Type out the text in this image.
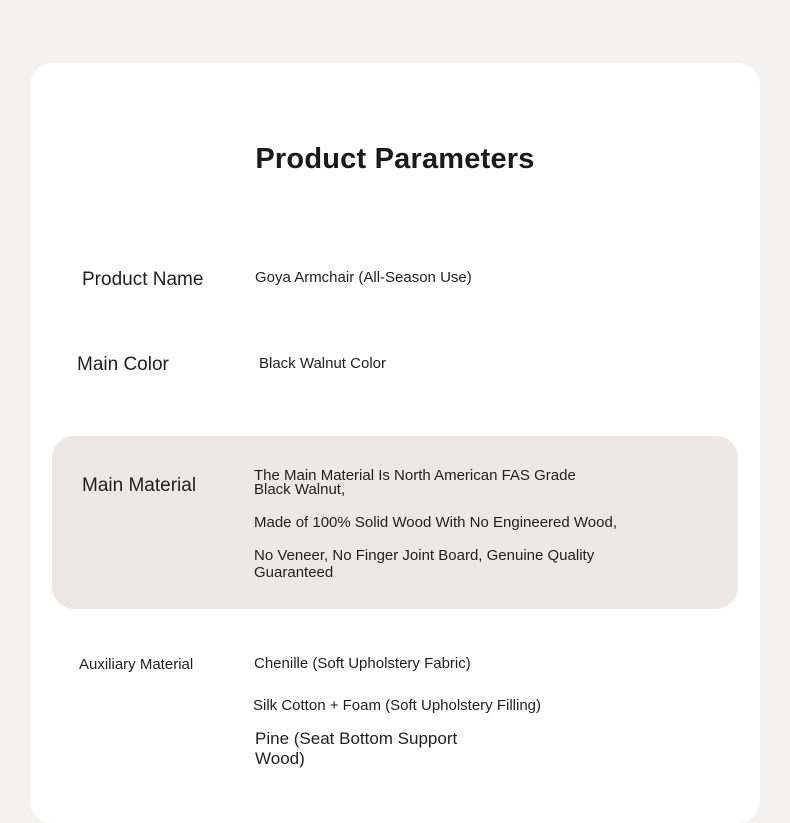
Product Parameters
Product Name	Goya Armchair (All-Season Use)
Main Color	Black Walnut Color
Main Material	The Main Material Is North American FAS Grade Black Walnut,
Made of 100% Solid Wood With No Engineered Wood,
No Veneer, No Finger Joint Board, Genuine Quality Guaranteed
Auxiliary Material	Chenille (Soft Upholstery Fabric)
Silk Cotton + Foam (Soft Upholstery Filling)
Pine (Seat Bottom Support Wood)
